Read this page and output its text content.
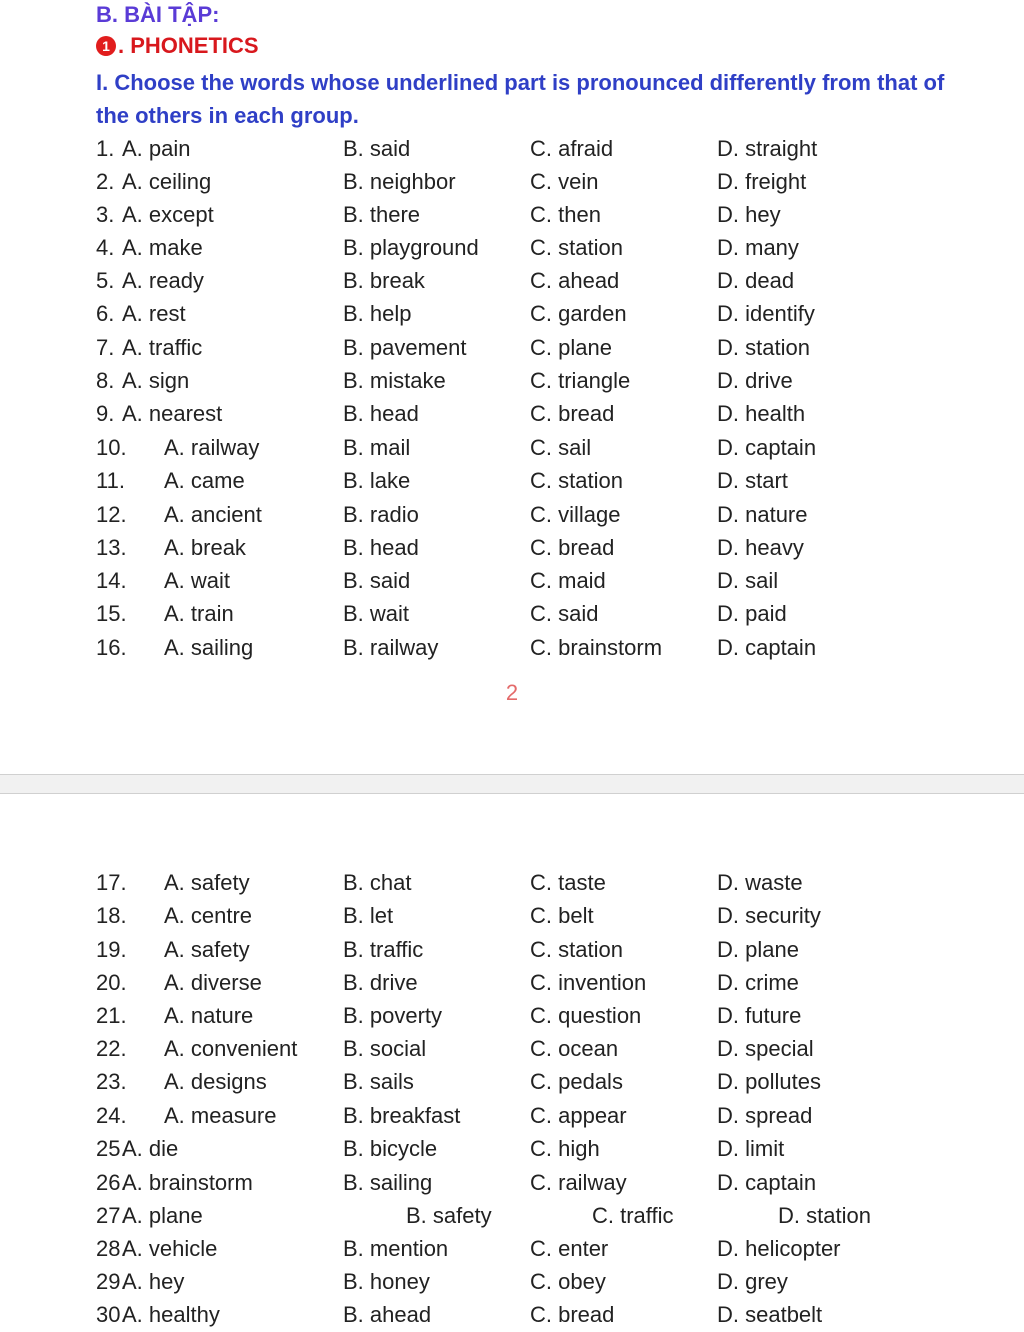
B. BÀI TẬP:
1 . PHONETICS
I. Choose the words whose underlined part is pronounced differently from that of the others in each group.
2
1. A. pain	B. said	C. afraid	D. straight
2. A. ceiling	B. neighbor	C. vein	D. freight
3. A. except	B. there	C. then	D. hey
4. A. make	B. playground C. station	D. many
5. A. ready	B. break	C. ahead	D. dead
6. A. rest	B. help	C. garden	D. identify
7. A. traffic	B. pavement	C. plane	D. station
8. A. sign	B. mistake	C. triangle	D. drive
9. A. nearest	B. head	C. bread	D. health
10. A. railway	B. mail	C. sail	D. captain
11. A. came	B. lake	C. station	D. start
12. A. ancient	B. radio	C. village	D. nature
13. A. break	B. head	C. bread	D. heavy
14. A. wait	B. said	C. maid	D. sail
15. A. train	B. wait	C. said	D. paid
16. A. sailing	B. railway	C. brainstorm D. captain
17. A. safety	B. chat	C. taste	D. waste
18. A. centre	B. let	C. belt	D. security
19. A. safety	B. traffic	C. station	D. plane
20. A. diverse	B. drive	C. invention	D. crime
21. A. nature	B. poverty	C. question	D. future
22. A. convenient B. social	C. ocean	D. special
23. A. designs	B. sails	C. pedals	D. pollutes
24. A. measure	B. breakfast	C. appear	D. spread
25.
A. die	B. bicycle	C. high	D. limit
26.
A. brainstorm	B. sailing	C. railway	D. captain
27.
A. plane	B. safety	C. traffic	D. station
28.
A. vehicle	B. mention	C. enter	D. helicopter
29.
A. hey	B. honey	C. obey	D. grey
30.
A. healthy	B. ahead	C. bread	D. seatbelt
